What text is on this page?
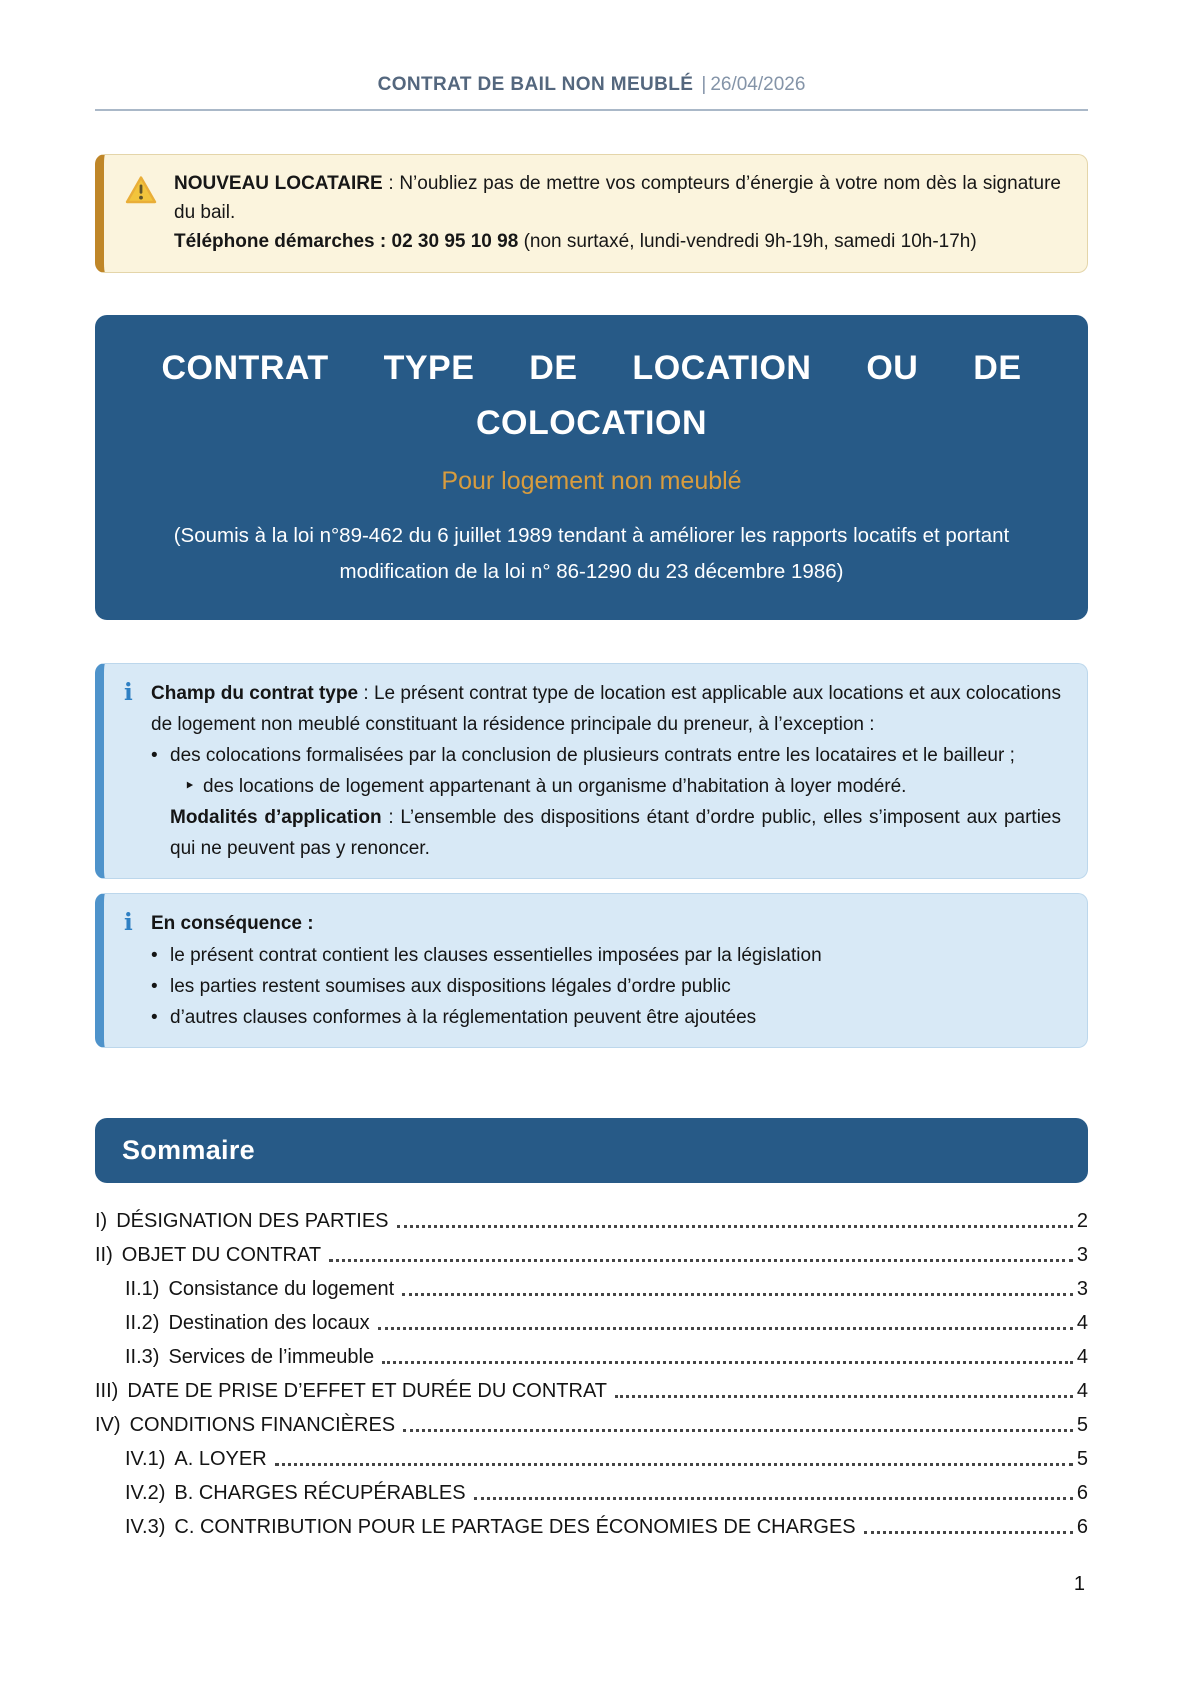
CONTRAT DE BAIL NON MEUBLÉ | 26/04/2026

NOUVEAU LOCATAIRE : N’oubliez pas de mettre vos compteurs d’énergie à votre nom dès la signature du bail.

Téléphone démarches : 02 30 95 10 98 (non surtaxé, lundi-vendredi 9h-19h, samedi 10h-17h)

CONTRAT TYPE DE LOCATION OU DE COLOCATION
Pour logement non meublé
(Soumis à la loi n°89-462 du 6 juillet 1989 tendant à améliorer les rapports locatifs et portant modification de la loi n° 86-1290 du 23 décembre 1986)
i Champ du contrat type : Le présent contrat type de location est applicable aux locations et aux colocations de logement non meublé constituant la résidence principale du preneur, à l’exception :

• des colocations formalisées par la conclusion de plusieurs contrats entre les locataires et le bailleur ;
‣ des locations de logement appartenant à un organisme d’habitation à loyer modéré.

Modalités d’application : L’ensemble des dispositions étant d’ordre public, elles s’imposent aux parties qui ne peuvent pas y renoncer.

i En conséquence :

• le présent contrat contient les clauses essentielles imposées par la législation
• les parties restent soumises aux dispositions légales d’ordre public
• d’autres clauses conformes à la réglementation peuvent être ajoutées
Sommaire
I) DÉSIGNATION DES PARTIES	2
II) OBJET DU CONTRAT	3
II.1) Consistance du logement	3
II.2) Destination des locaux	4
II.3) Services de l’immeuble	4
III) DATE DE PRISE D’EFFET ET DURÉE DU CONTRAT	4
IV) CONDITIONS FINANCIÈRES	5
IV.1) A. LOYER	5
IV.2) B. CHARGES RÉCUPÉRABLES	6
IV.3) C. CONTRIBUTION POUR LE PARTAGE DES ÉCONOMIES DE CHARGES	6
1
